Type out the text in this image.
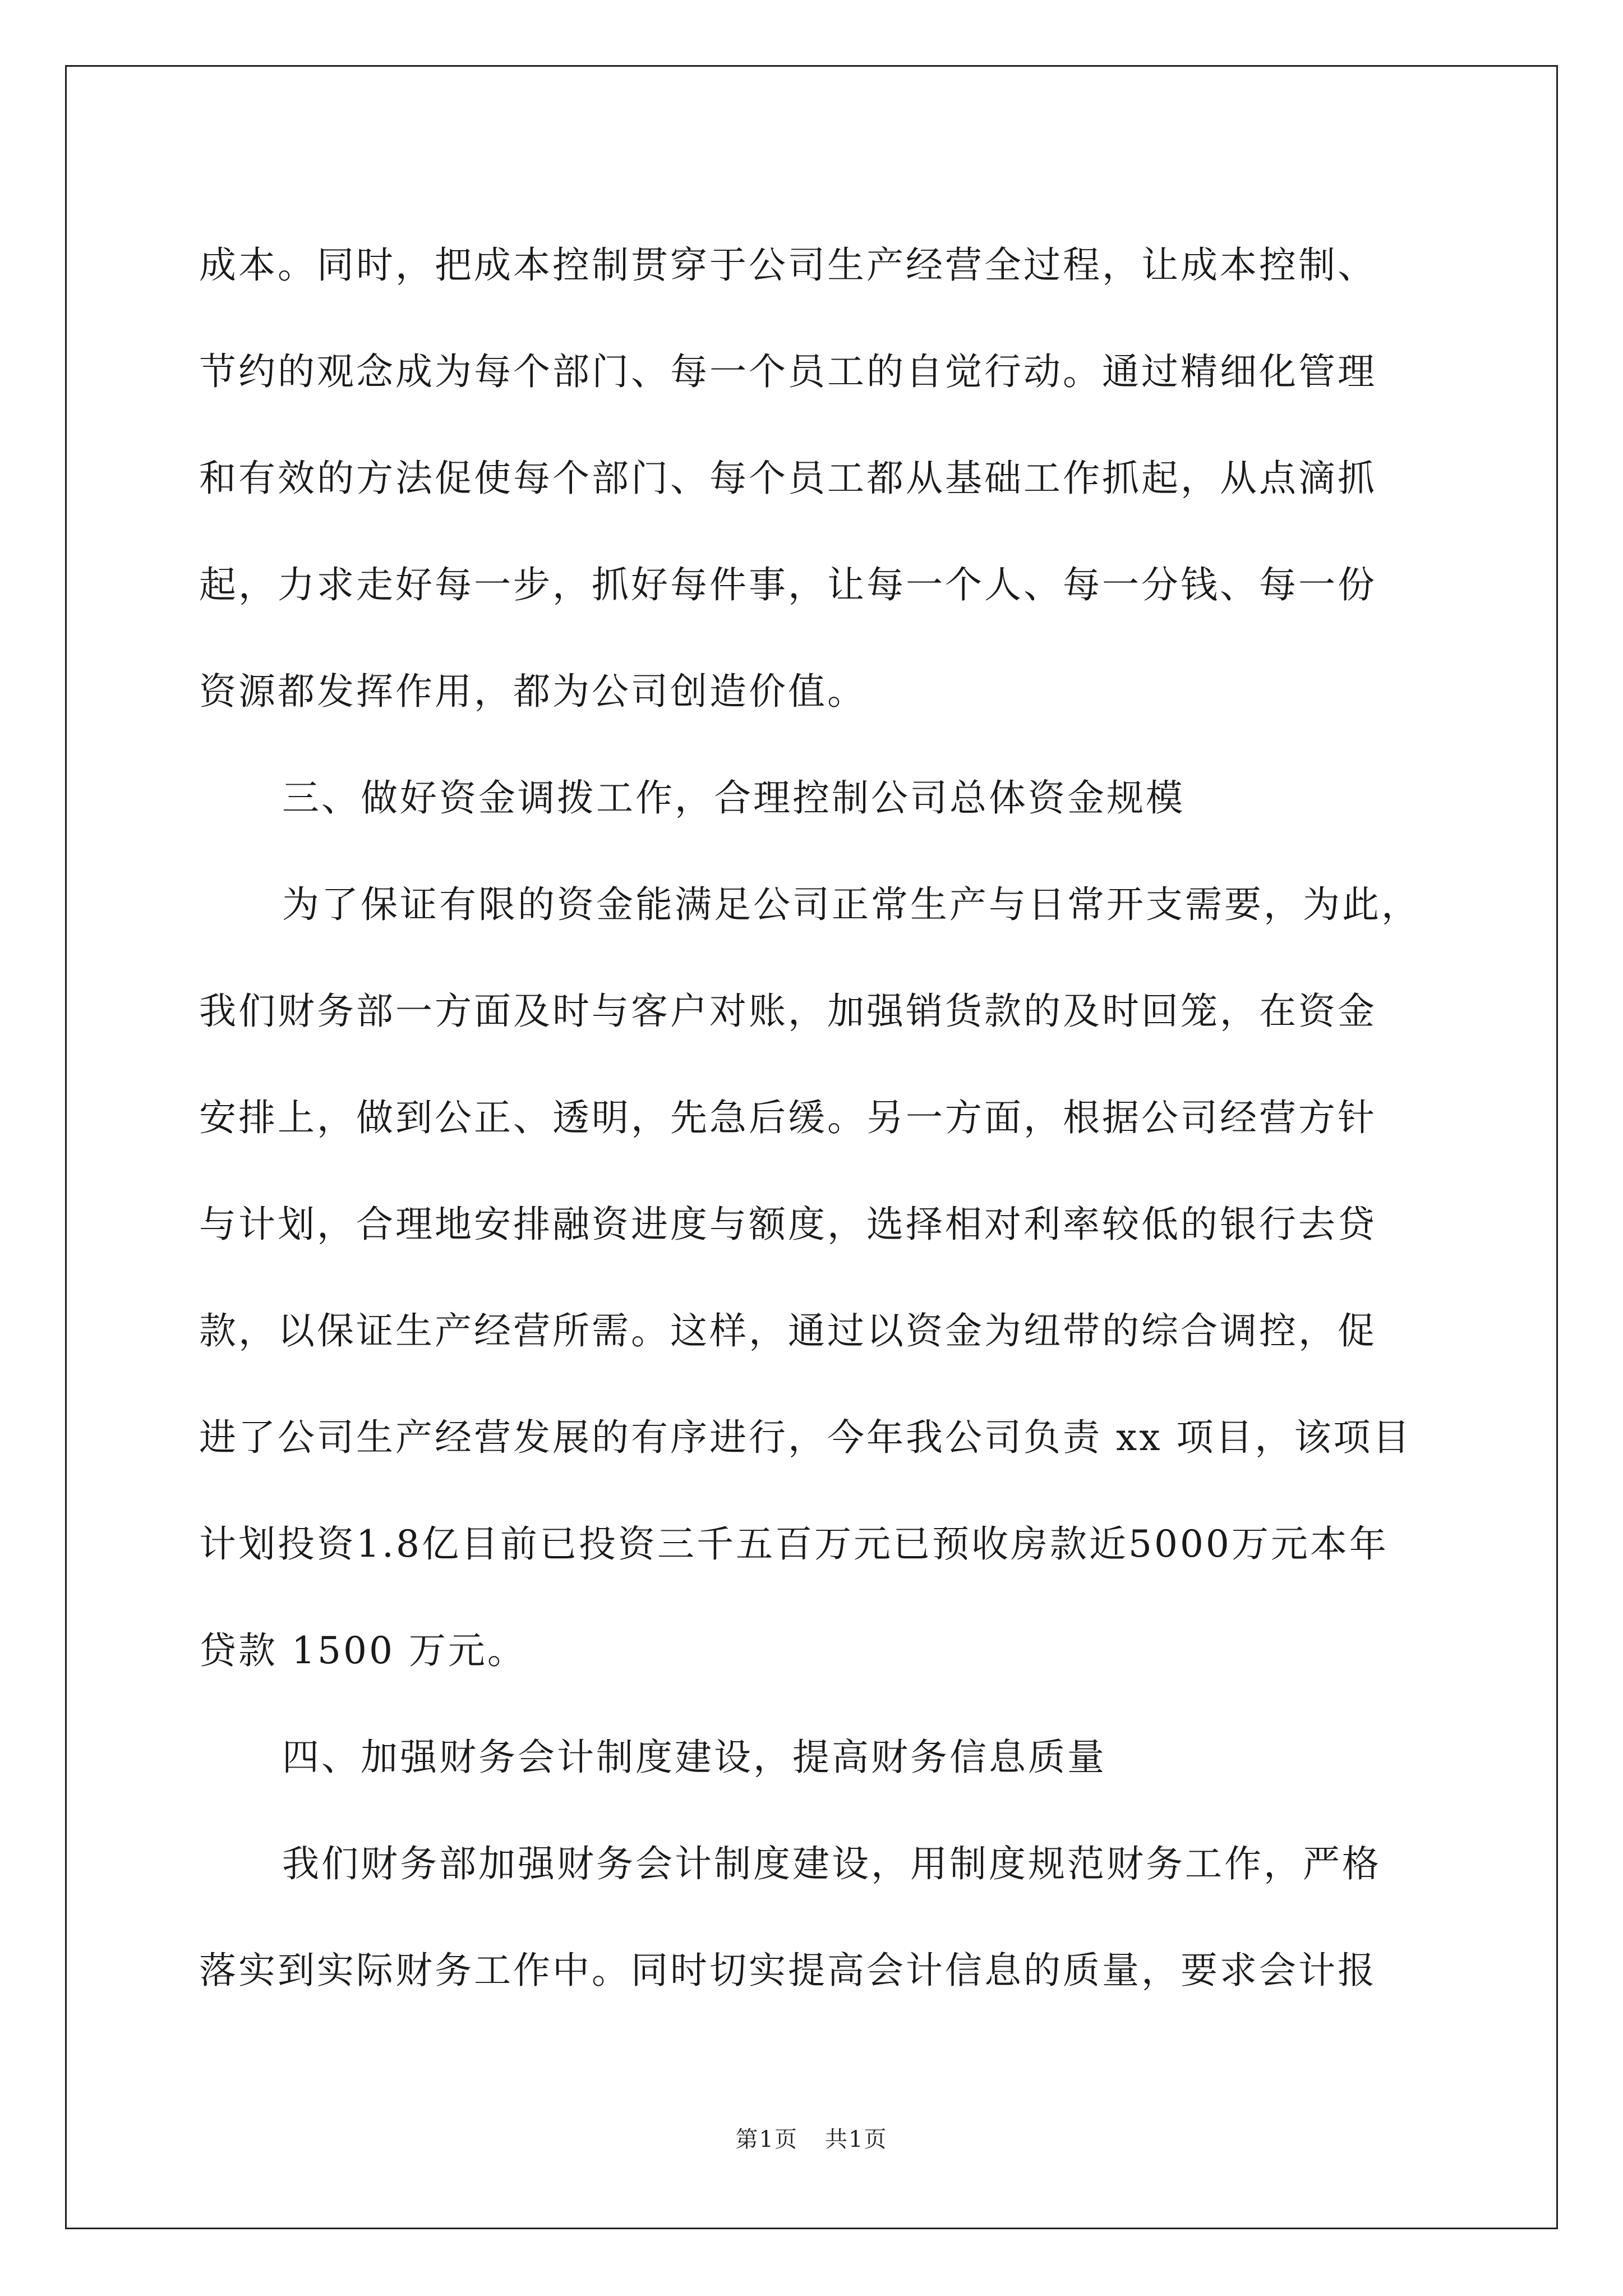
成本。同时，把成本控制贯穿于公司生产经营全过程，让成本控制、
节约的观念成为每个部门、每一个员工的自觉行动。通过精细化管理
和有效的方法促使每个部门、每个员工都从基础工作抓起，从点滴抓
起，力求走好每一步，抓好每件事，让每一个人、每一分钱、每一份
资源都发挥作用，都为公司创造价值。
三、做好资金调拨工作，合理控制公司总体资金规模
为了保证有限的资金能满足公司正常生产与日常开支需要，为此，
我们财务部一方面及时与客户对账，加强销货款的及时回笼，在资金
安排上，做到公正、透明，先急后缓。另一方面，根据公司经营方针
与计划，合理地安排融资进度与额度，选择相对利率较低的银行去贷
款，以保证生产经营所需。这样，通过以资金为纽带的综合调控，促
进了公司生产经营发展的有序进行，今年我公司负责 xx 项目，该项目
计划投资1.8亿目前已投资三千五百万元已预收房款近5000万元本年
贷款 1500 万元。
四、加强财务会计制度建设，提高财务信息质量
我们财务部加强财务会计制度建设，用制度规范财务工作，严格
落实到实际财务工作中。同时切实提高会计信息的质量，要求会计报
第1页 共1页
